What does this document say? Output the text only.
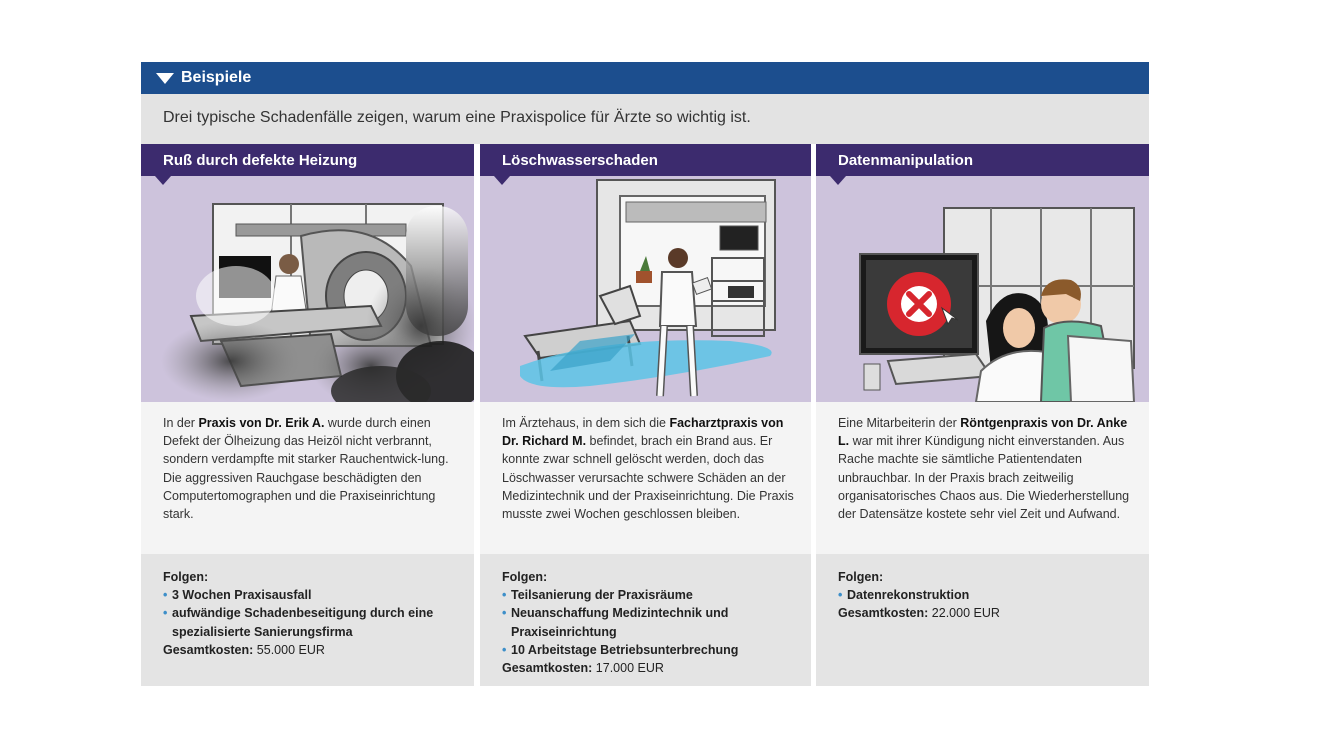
Beispiele
Drei typische Schadenfälle zeigen, warum eine Praxispolice für Ärzte so wichtig ist.
Ruß durch defekte Heizung

In der Praxis von Dr. Erik A. wurde durch einen Defekt der Ölheizung das Heizöl nicht verbrannt, sondern verdampfte mit starker Rauchentwick-lung. Die aggressiven Rauchgase beschädigten den Computertomographen und die Praxiseinrichtung stark.

Folgen:
• 3 Wochen Praxisausfall
• aufwändige Schadenbeseitigung durch eine spezialisierte Sanierungsfirma
Gesamtkosten: 55.000 EUR
Löschwasserschaden

Im Ärztehaus, in dem sich die Facharztpraxis von Dr. Richard M. befindet, brach ein Brand aus. Er konnte zwar schnell gelöscht werden, doch das Löschwasser verursachte schwere Schäden an der Medizintechnik und der Praxiseinrichtung. Die Praxis musste zwei Wochen geschlossen bleiben.

Folgen:
• Teilsanierung der Praxisräume
• Neuanschaffung Medizintechnik und Praxiseinrichtung
• 10 Arbeitstage Betriebsunterbrechung
Gesamtkosten: 17.000 EUR
Datenmanipulation

Eine Mitarbeiterin der Röntgenpraxis von Dr. Anke L. war mit ihrer Kündigung nicht einverstanden. Aus Rache machte sie sämtliche Patientendaten unbrauchbar. In der Praxis brach zeitweilig organisatorisches Chaos aus. Die Wiederherstellung der Datensätze kostete sehr viel Zeit und Aufwand.

Folgen:
• Datenrekonstruktion
Gesamtkosten: 22.000 EUR
